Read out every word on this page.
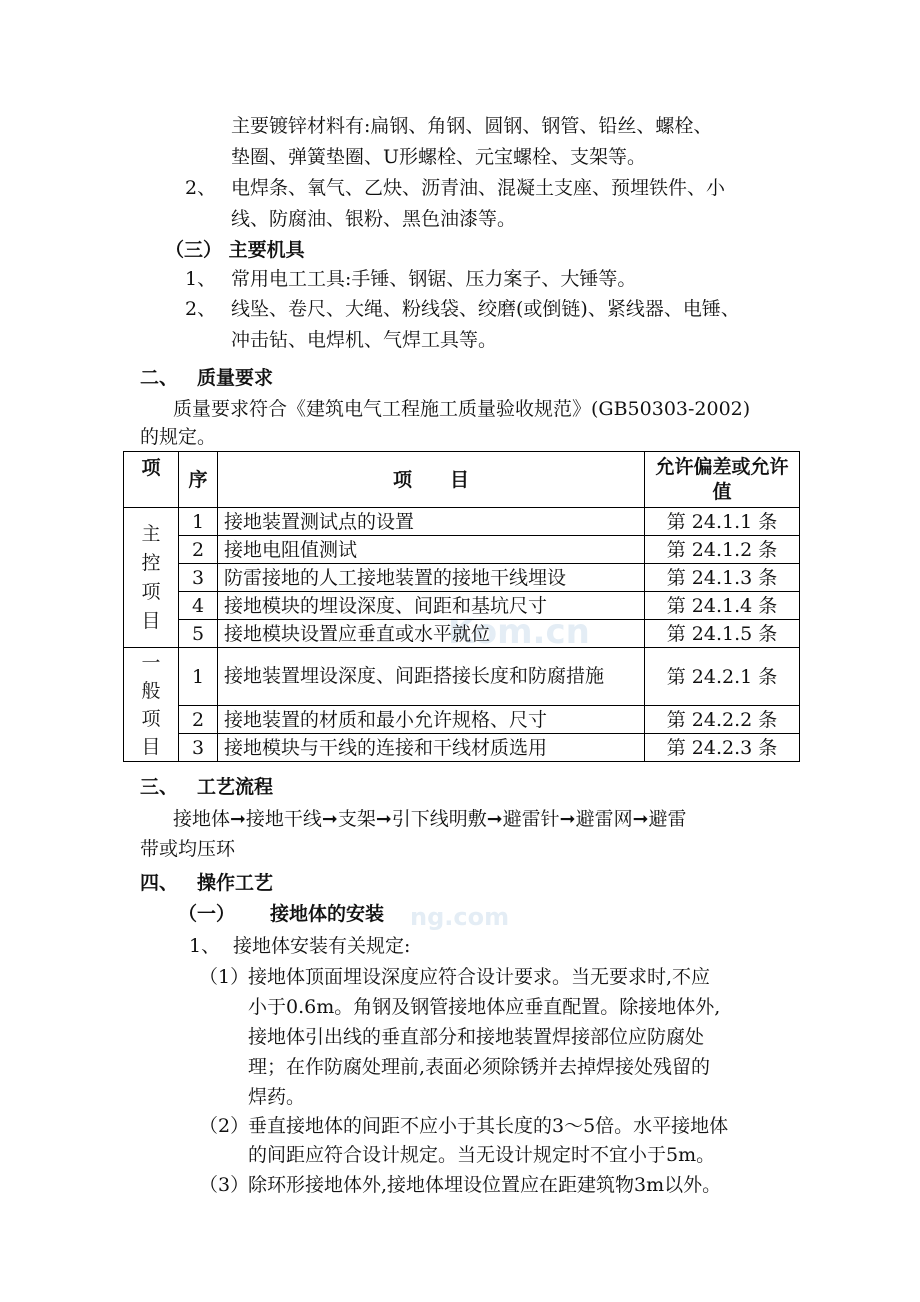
Kom.cn
ng.com
主要镀锌材料有:扁钢、角钢、圆钢、钢管、铅丝、螺栓、
垫圈、弹簧垫圈、U形螺栓、元宝螺栓、支架等。
2、 电焊条、氧气、乙炔、沥青油、混凝土支座、预埋铁件、小
线、防腐油、银粉、黑色油漆等。
（三） 主要机具
1、 常用电工工具:手锤、钢锯、压力案子、大锤等。
2、 线坠、卷尺、大绳、粉线袋、绞磨(或倒链)、紧线器、电锤、
冲击钻、电焊机、气焊工具等。
二、 质量要求
质量要求符合《建筑电气工程施工质量验收规范》(GB50303-2002)
的规定。
项	序	项　　目	允许偏差或允许值

主控项目	1	接地装置测试点的设置	第 24.1.1 条
	2	接地电阻值测试	第 24.1.2 条
	3	防雷接地的人工接地装置的接地干线埋设	第 24.1.3 条
	4	接地模块的埋设深度、间距和基坑尺寸	第 24.1.4 条
	5	接地模块设置应垂直或水平就位	第 24.1.5 条

一般项目	1	接地装置埋设深度、间距搭接长度和防腐措施	第 24.2.1 条
	2	接地装置的材质和最小允许规格、尺寸	第 24.2.2 条
	3	接地模块与干线的连接和干线材质选用	第 24.2.3 条
三、 工艺流程
接地体➞接地干线➞支架➞引下线明敷➞避雷针➞避雷网➞避雷
带或均压环
四、 操作工艺
（一） 接地体的安装
1、 接地体安装有关规定:
（1）
接地体顶面埋设深度应符合设计要求。当无要求时,不应
小于0.6m。角钢及钢管接地体应垂直配置。除接地体外,
接地体引出线的垂直部分和接地装置焊接部位应防腐处
理；在作防腐处理前,表面必须除锈并去掉焊接处残留的
焊药。
（2）
垂直接地体的间距不应小于其长度的3～5倍。水平接地体
的间距应符合设计规定。当无设计规定时不宜小于5m。
（3）
除环形接地体外,接地体埋设位置应在距建筑物3m以外。
